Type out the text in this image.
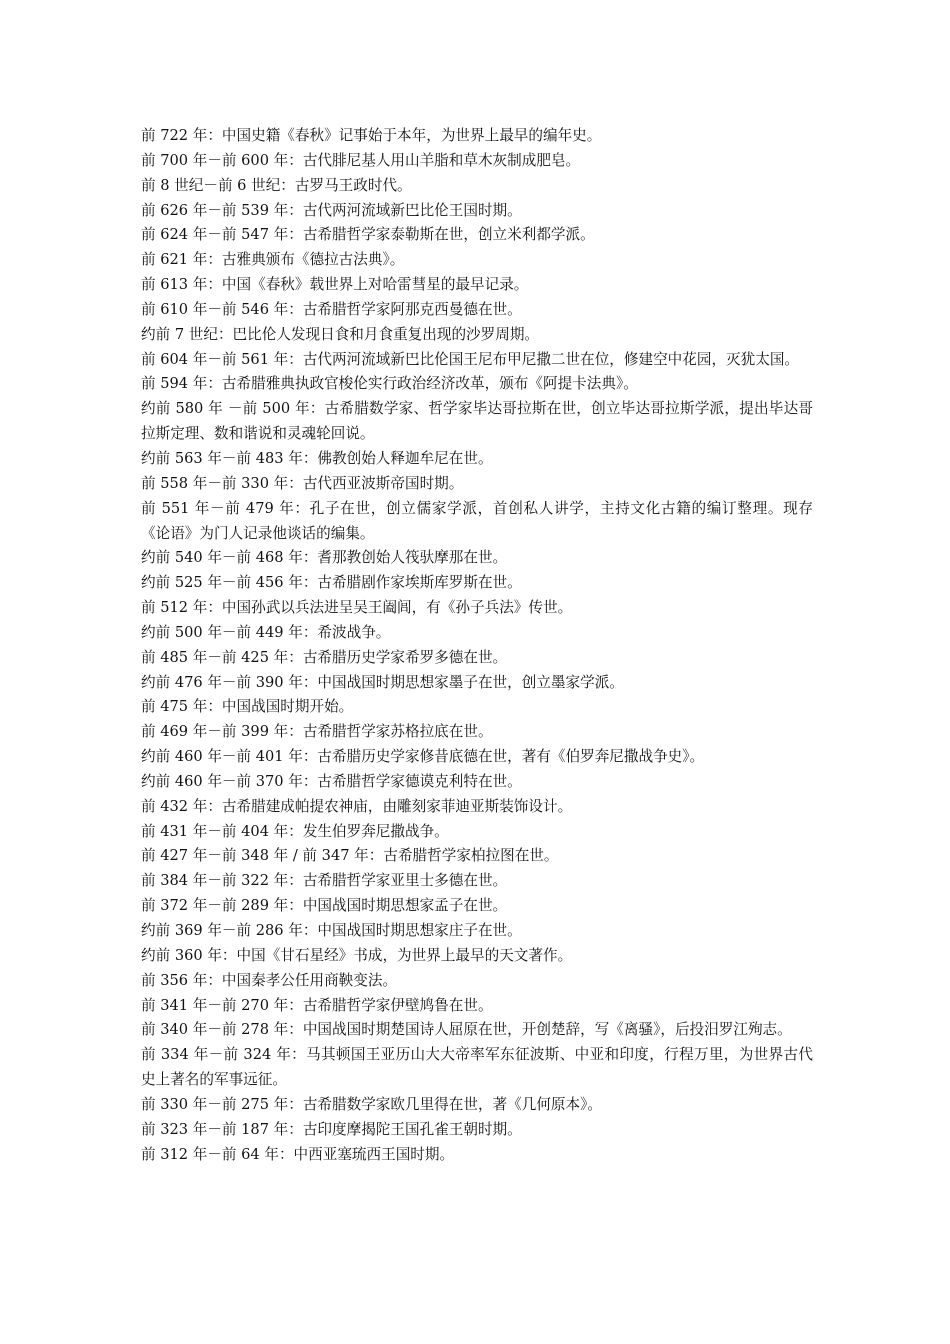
前 722 年：中国史籍《春秋》记事始于本年，为世界上最早的编年史。

前 700 年－前 600 年：古代腓尼基人用山羊脂和草木灰制成肥皂。

前 8 世纪－前 6 世纪：古罗马王政时代。

前 626 年－前 539 年：古代两河流域新巴比伦王国时期。

前 624 年－前 547 年：古希腊哲学家泰勒斯在世，创立米利都学派。

前 621 年：古雅典颁布《德拉古法典》。

前 613 年：中国《春秋》载世界上对哈雷彗星的最早记录。

前 610 年－前 546 年：古希腊哲学家阿那克西曼德在世。

约前 7 世纪：巴比伦人发现日食和月食重复出现的沙罗周期。

前 604 年－前 561 年：古代两河流域新巴比伦国王尼布甲尼撒二世在位，修建空中花园，灭犹太国。

前 594 年：古希腊雅典执政官梭伦实行政治经济改革，颁布《阿提卡法典》。

约前 580 年 －前 500 年：古希腊数学家、哲学家毕达哥拉斯在世，创立毕达哥拉斯学派，提出毕达哥拉斯定理、数和谐说和灵魂轮回说。

约前 563 年－前 483 年：佛教创始人释迦牟尼在世。

前 558 年－前 330 年：古代西亚波斯帝国时期。

前 551 年－前 479 年：孔子在世，创立儒家学派，首创私人讲学，主持文化古籍的编订整理。现存《论语》为门人记录他谈话的编集。

约前 540 年－前 468 年：耆那教创始人筏驮摩那在世。

约前 525 年－前 456 年：古希腊剧作家埃斯库罗斯在世。

前 512 年：中国孙武以兵法进呈吴王阖闾，有《孙子兵法》传世。

约前 500 年－前 449 年：希波战争。

前 485 年－前 425 年：古希腊历史学家希罗多德在世。

约前 476 年－前 390 年：中国战国时期思想家墨子在世，创立墨家学派。

前 475 年：中国战国时期开始。

前 469 年－前 399 年：古希腊哲学家苏格拉底在世。

约前 460 年－前 401 年：古希腊历史学家修昔底德在世，著有《伯罗奔尼撒战争史》。

约前 460 年－前 370 年：古希腊哲学家德谟克利特在世。

前 432 年：古希腊建成帕提农神庙，由雕刻家菲迪亚斯装饰设计。

前 431 年－前 404 年：发生伯罗奔尼撒战争。

前 427 年－前 348 年 / 前 347 年：古希腊哲学家柏拉图在世。

前 384 年－前 322 年：古希腊哲学家亚里士多德在世。

前 372 年－前 289 年：中国战国时期思想家孟子在世。

约前 369 年－前 286 年：中国战国时期思想家庄子在世。

约前 360 年：中国《甘石星经》书成，为世界上最早的天文著作。

前 356 年：中国秦孝公任用商鞅变法。

前 341 年－前 270 年：古希腊哲学家伊壁鸠鲁在世。

前 340 年－前 278 年：中国战国时期楚国诗人屈原在世，开创楚辞，写《离骚》，后投汨罗江殉志。

前 334 年－前 324 年：马其顿国王亚历山大大帝率军东征波斯、中亚和印度，行程万里，为世界古代史上著名的军事远征。

前 330 年－前 275 年：古希腊数学家欧几里得在世，著《几何原本》。

前 323 年－前 187 年：古印度摩揭陀王国孔雀王朝时期。

前 312 年－前 64 年：中西亚塞琉西王国时期。
